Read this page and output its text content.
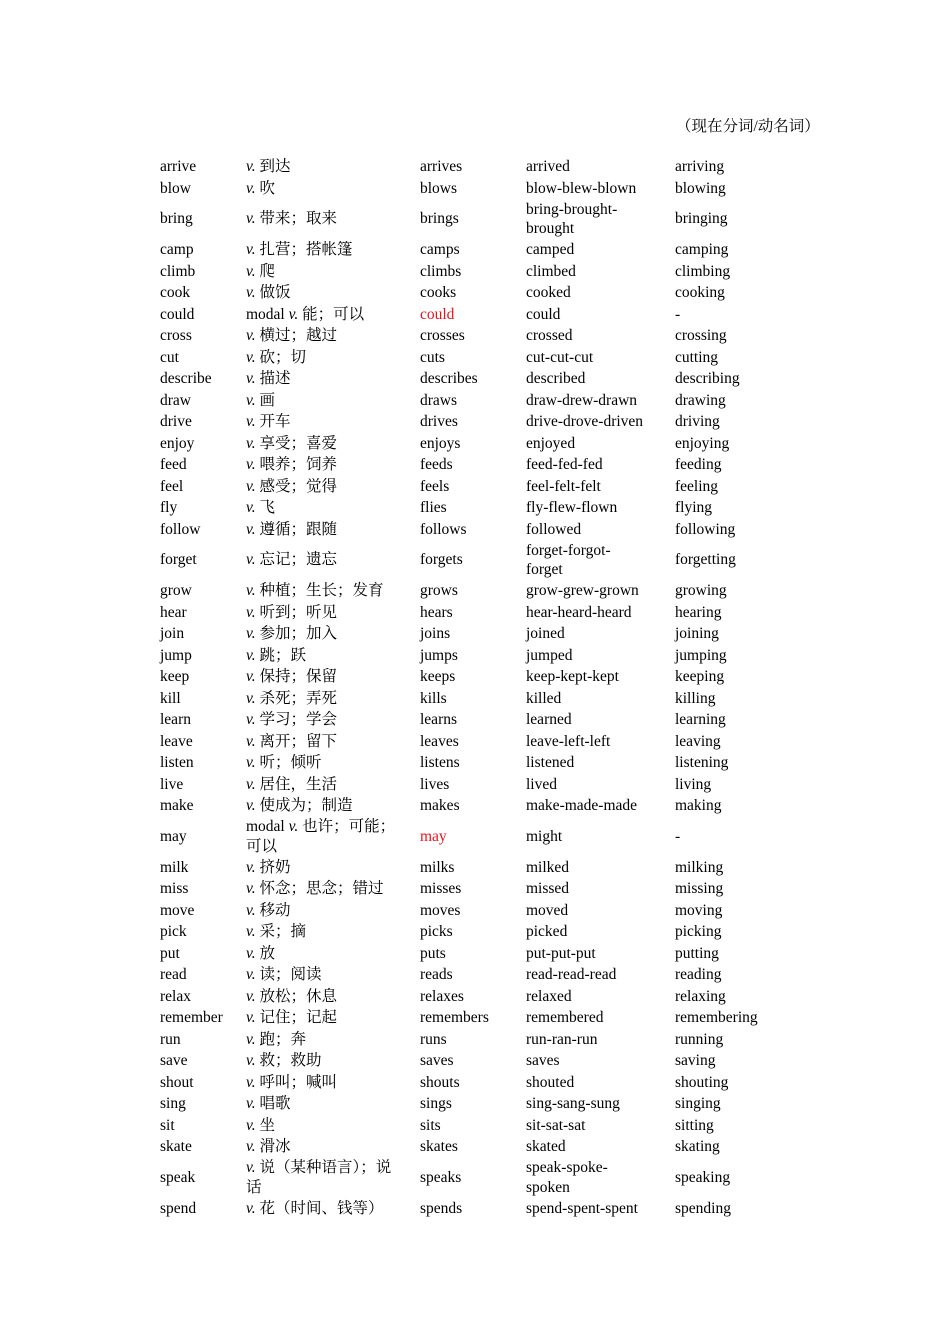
（现在分词/动名词）
arrive	v. 到达	arrives	arrived	arriving
blow	v. 吹	blows	blow-blew-blown	blowing
bring	v. 带来；取来	brings	bring-brought-brought	bringing
camp	v. 扎营；搭帐篷	camps	camped	camping
climb	v. 爬	climbs	climbed	climbing
cook	v. 做饭	cooks	cooked	cooking
could	modal v. 能；可以	could	could	-
cross	v. 横过；越过	crosses	crossed	crossing
cut	v. 砍；切	cuts	cut-cut-cut	cutting
describe	v. 描述	describes	described	describing
draw	v. 画	draws	draw-drew-drawn	drawing
drive	v. 开车	drives	drive-drove-driven	driving
enjoy	v. 享受；喜爱	enjoys	enjoyed	enjoying
feed	v. 喂养；饲养	feeds	feed-fed-fed	feeding
feel	v. 感受；觉得	feels	feel-felt-felt	feeling
fly	v. 飞	flies	fly-flew-flown	flying
follow	v. 遵循；跟随	follows	followed	following
forget	v. 忘记；遗忘	forgets	forget-forgot-forget	forgetting
grow	v. 种植；生长；发育	grows	grow-grew-grown	growing
hear	v. 听到；听见	hears	hear-heard-heard	hearing
join	v. 参加；加入	joins	joined	joining
jump	v. 跳；跃	jumps	jumped	jumping
keep	v. 保持；保留	keeps	keep-kept-kept	keeping
kill	v. 杀死；弄死	kills	killed	killing
learn	v. 学习；学会	learns	learned	learning
leave	v. 离开；留下	leaves	leave-left-left	leaving
listen	v. 听；倾听	listens	listened	listening
live	v. 居住，生活	lives	lived	living
make	v. 使成为；制造	makes	make-made-made	making
may	modal v. 也许；可能；可以	may	might	-
milk	v. 挤奶	milks	milked	milking
miss	v. 怀念；思念；错过	misses	missed	missing
move	v. 移动	moves	moved	moving
pick	v. 采；摘	picks	picked	picking
put	v. 放	puts	put-put-put	putting
read	v. 读；阅读	reads	read-read-read	reading
relax	v. 放松；休息	relaxes	relaxed	relaxing
remember	v. 记住；记起	remembers	remembered	remembering
run	v. 跑；奔	runs	run-ran-run	running
save	v. 救；救助	saves	saves	saving
shout	v. 呼叫；喊叫	shouts	shouted	shouting
sing	v. 唱歌	sings	sing-sang-sung	singing
sit	v. 坐	sits	sit-sat-sat	sitting
skate	v. 滑冰	skates	skated	skating
speak	v. 说（某种语言）；说话	speaks	speak-spoke-spoken	speaking
spend	v. 花（时间、钱等）	spends	spend-spent-spent	spending
